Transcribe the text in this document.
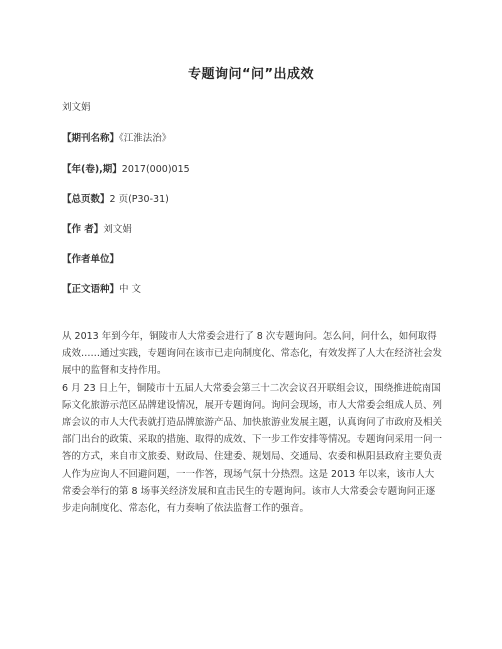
专题询问“问”出成效
刘文娟
【期刊名称】《江淮法治》
【年(卷),期】2017(000)015
【总页数】2 页(P30-31)
【作 者】刘文娟
【作者单位】
【正文语种】中 文

从 2013 年到今年，铜陵市人大常委会进行了 8 次专题询问。怎么问，问什么，如何取得成效……通过实践，专题询问在该市已走向制度化、常态化，有效发挥了人大在经济社会发展中的监督和支持作用。

6 月 23 日上午，铜陵市十五届人大常委会第三十二次会议召开联组会议，围绕推进皖南国际文化旅游示范区品牌建设情况，展开专题询问。询问会现场，市人大常委会组成人员、列席会议的市人大代表就打造品牌旅游产品、加快旅游业发展主题，认真询问了市政府及相关部门出台的政策、采取的措施、取得的成效、下一步工作安排等情况。专题询问采用一问一答的方式，来自市文旅委、财政局、住建委、规划局、交通局、农委和枞阳县政府主要负责人作为应询人不回避问题，一一作答，现场气氛十分热烈。这是 2013 年以来，该市人大常委会举行的第 8 场事关经济发展和直击民生的专题询问。该市人大常委会专题询问正逐步走向制度化、常态化，有力奏响了依法监督工作的强音。
